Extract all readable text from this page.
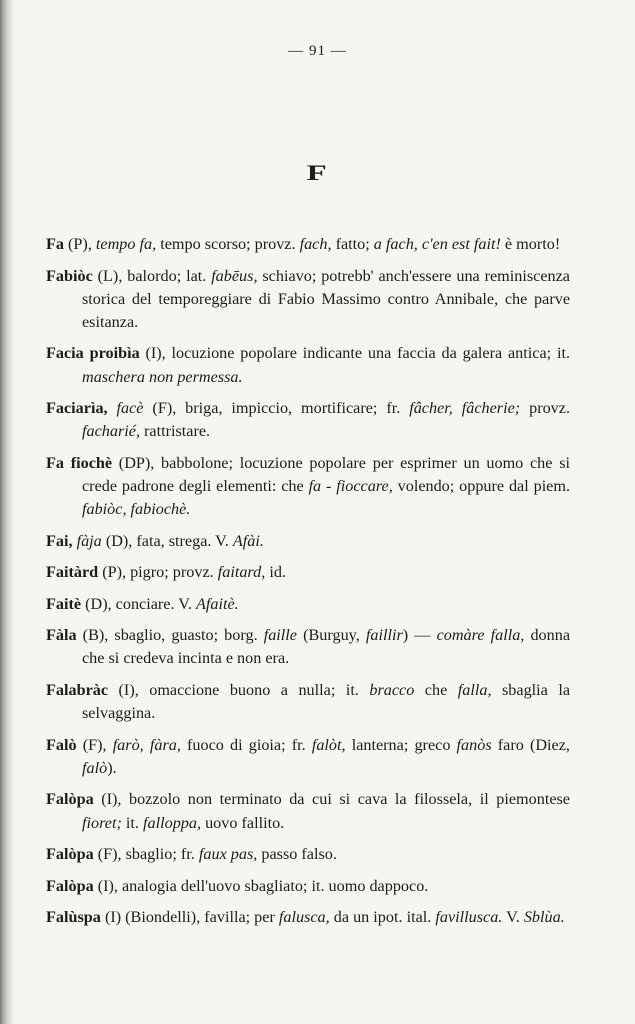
— 91 —
F

Fa (P), tempo fa, tempo scorso; provz. fach, fatto; a fach, c'en est fait! è morto!

Fabiòc (L), balordo; lat. fabēus, schiavo; potrebb' anch'essere una reminiscenza storica del temporeggiare di Fabio Massimo contro Annibale, che parve esitanza.

Facia proibìa (I), locuzione popolare indicante una faccia da galera antica; it. maschera non permessa.

Faciarìa, facè (F), briga, impiccio, mortificare; fr. fâcher, fâcherie; provz. facharié, rattristare.

Fa fiochè (DP), babbolone; locuzione popolare per esprimer un uomo che si crede padrone degli elementi: che fa - fioccare, volendo; oppure dal piem. fabiòc, fabiochè.

Fai, fàja (D), fata, strega. V. Afài.

Faitàrd (P), pigro; provz. faitard, id.

Faitè (D), conciare. V. Afaitè.

Fàla (B), sbaglio, guasto; borg. faille (Burguy, faillir) — comàre falla, donna che si credeva incinta e non era.

Falabràc (I), omaccione buono a nulla; it. bracco che falla, sbaglia la selvaggina.

Falò (F), farò, fàra, fuoco di gioia; fr. falòt, lanterna; greco fanòs faro (Diez, falò).

Falòpa (I), bozzolo non terminato da cui si cava la filossela, il piemontese fioret; it. falloppa, uovo fallito.

Falòpa (F), sbaglio; fr. faux pas, passo falso.

Falòpa (I), analogia dell'uovo sbagliato; it. uomo dappoco.

Falùspa (I) (Biondelli), favilla; per falusca, da un ipot. ital. favillusca. V. Sblùa.
